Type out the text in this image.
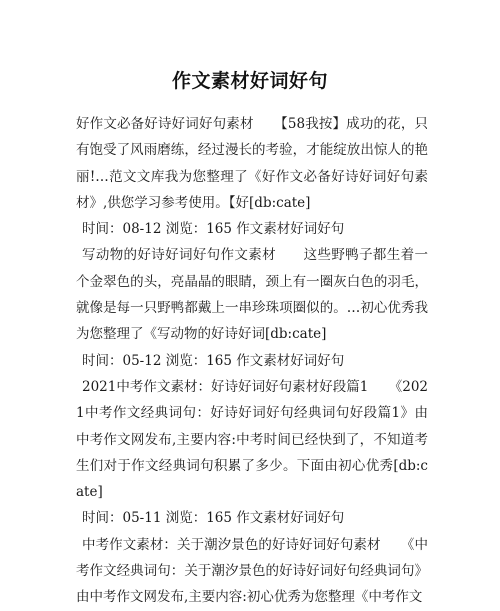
作文素材好词好句

好作文必备好诗好词好句素材　　【58我按】成功的花，只有饱受了风雨磨练，经过漫长的考验，才能绽放出惊人的艳丽!…范文文库我为您整理了《好作文必备好诗好词好句素材》,供您学习参考使用。【好[db:cate]

时间：08-12 浏览：165 作文素材好词好句

写动物的好诗好词好句作文素材　　这些野鸭子都生着一个金翠色的头，亮晶晶的眼睛，颈上有一圈灰白色的羽毛，就像是每一只野鸭都戴上一串珍珠项圈似的。…初心优秀我为您整理了《写动物的好诗好词[db:cate]

时间：05-12 浏览：165 作文素材好词好句

2021中考作文素材：好诗好词好句素材好段篇1　　《2021中考作文经典词句：好诗好词好句经典词句好段篇1》由中考作文网发布,主要内容:中考时间已经快到了，不知道考生们对于作文经典词句积累了多少。下面由初心优秀[db:cate]

时间：05-11 浏览：165 作文素材好词好句

中考作文素材：关于潮汐景色的好诗好词好句素材　　《中考作文经典词句：关于潮汐景色的好诗好词好句经典词句》由中考作文网发布,主要内容:初心优秀为您整理《中考作文
